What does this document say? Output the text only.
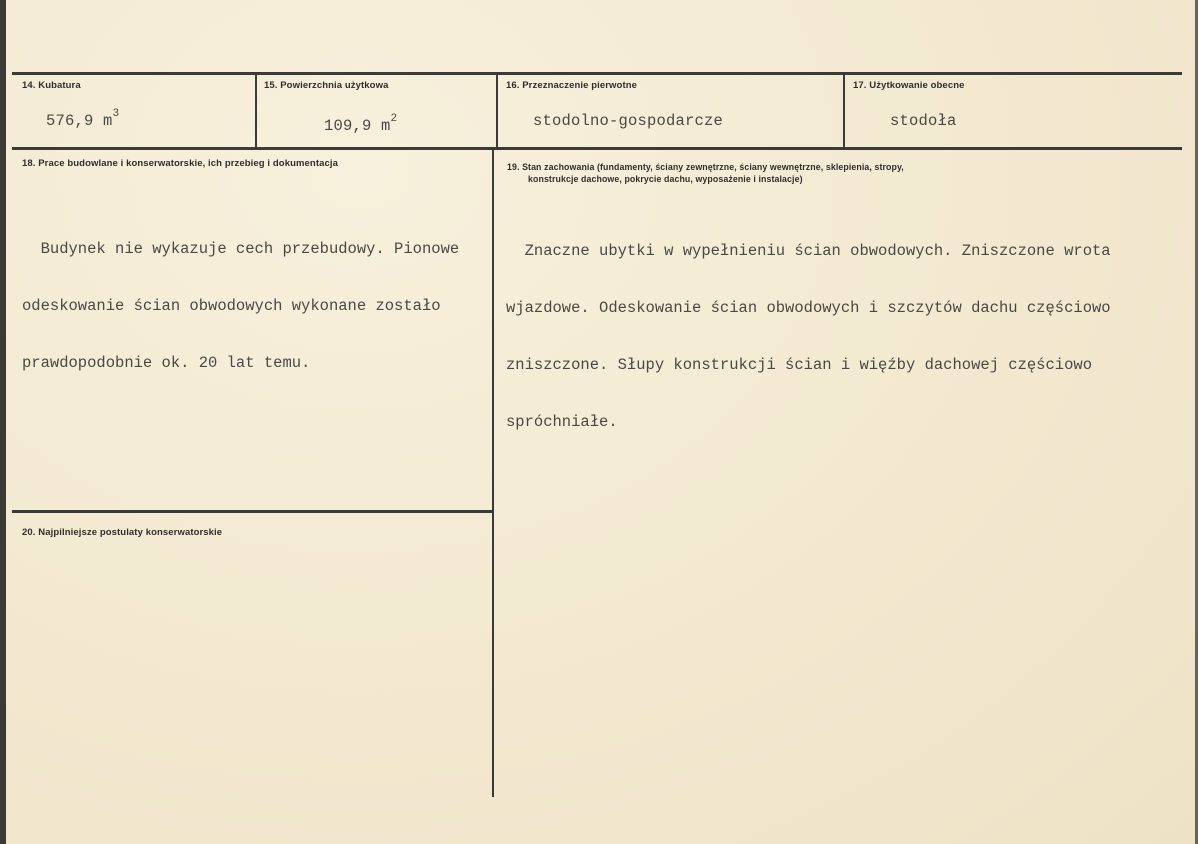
14. Kubatura
576,9 $m^3$
15. Powierzchnia użytkowa
109,9 $m^2$
16. Przeznaczenie pierwotne
stodolno-gospodarcze
17. Użytkowanie obecne
stodoła
18. Prace budowlane i konserwatorskie, ich przebieg i dokumentacja

Budynek nie wykazuje cech przebudowy. Pionowe

odeskowanie ścian obwodowych wykonane zostało

prawdopodobnie ok. 20 lat temu.

19. Stan zachowania (fundamenty, ściany zewnętrzne, ściany wewnętrzne, sklepienia, stropy,
konstrukcje dachowe, pokrycie dachu, wyposażenie i instalacje)

Znaczne ubytki w wypełnieniu ścian obwodowych. Zniszczone wrota

wjazdowe. Odeskowanie ścian obwodowych i szczytów dachu częściowo

zniszczone. Słupy konstrukcji ścian i więźby dachowej częściowo

spróchniałe.

20. Najpilniejsze postulaty konserwatorskie
